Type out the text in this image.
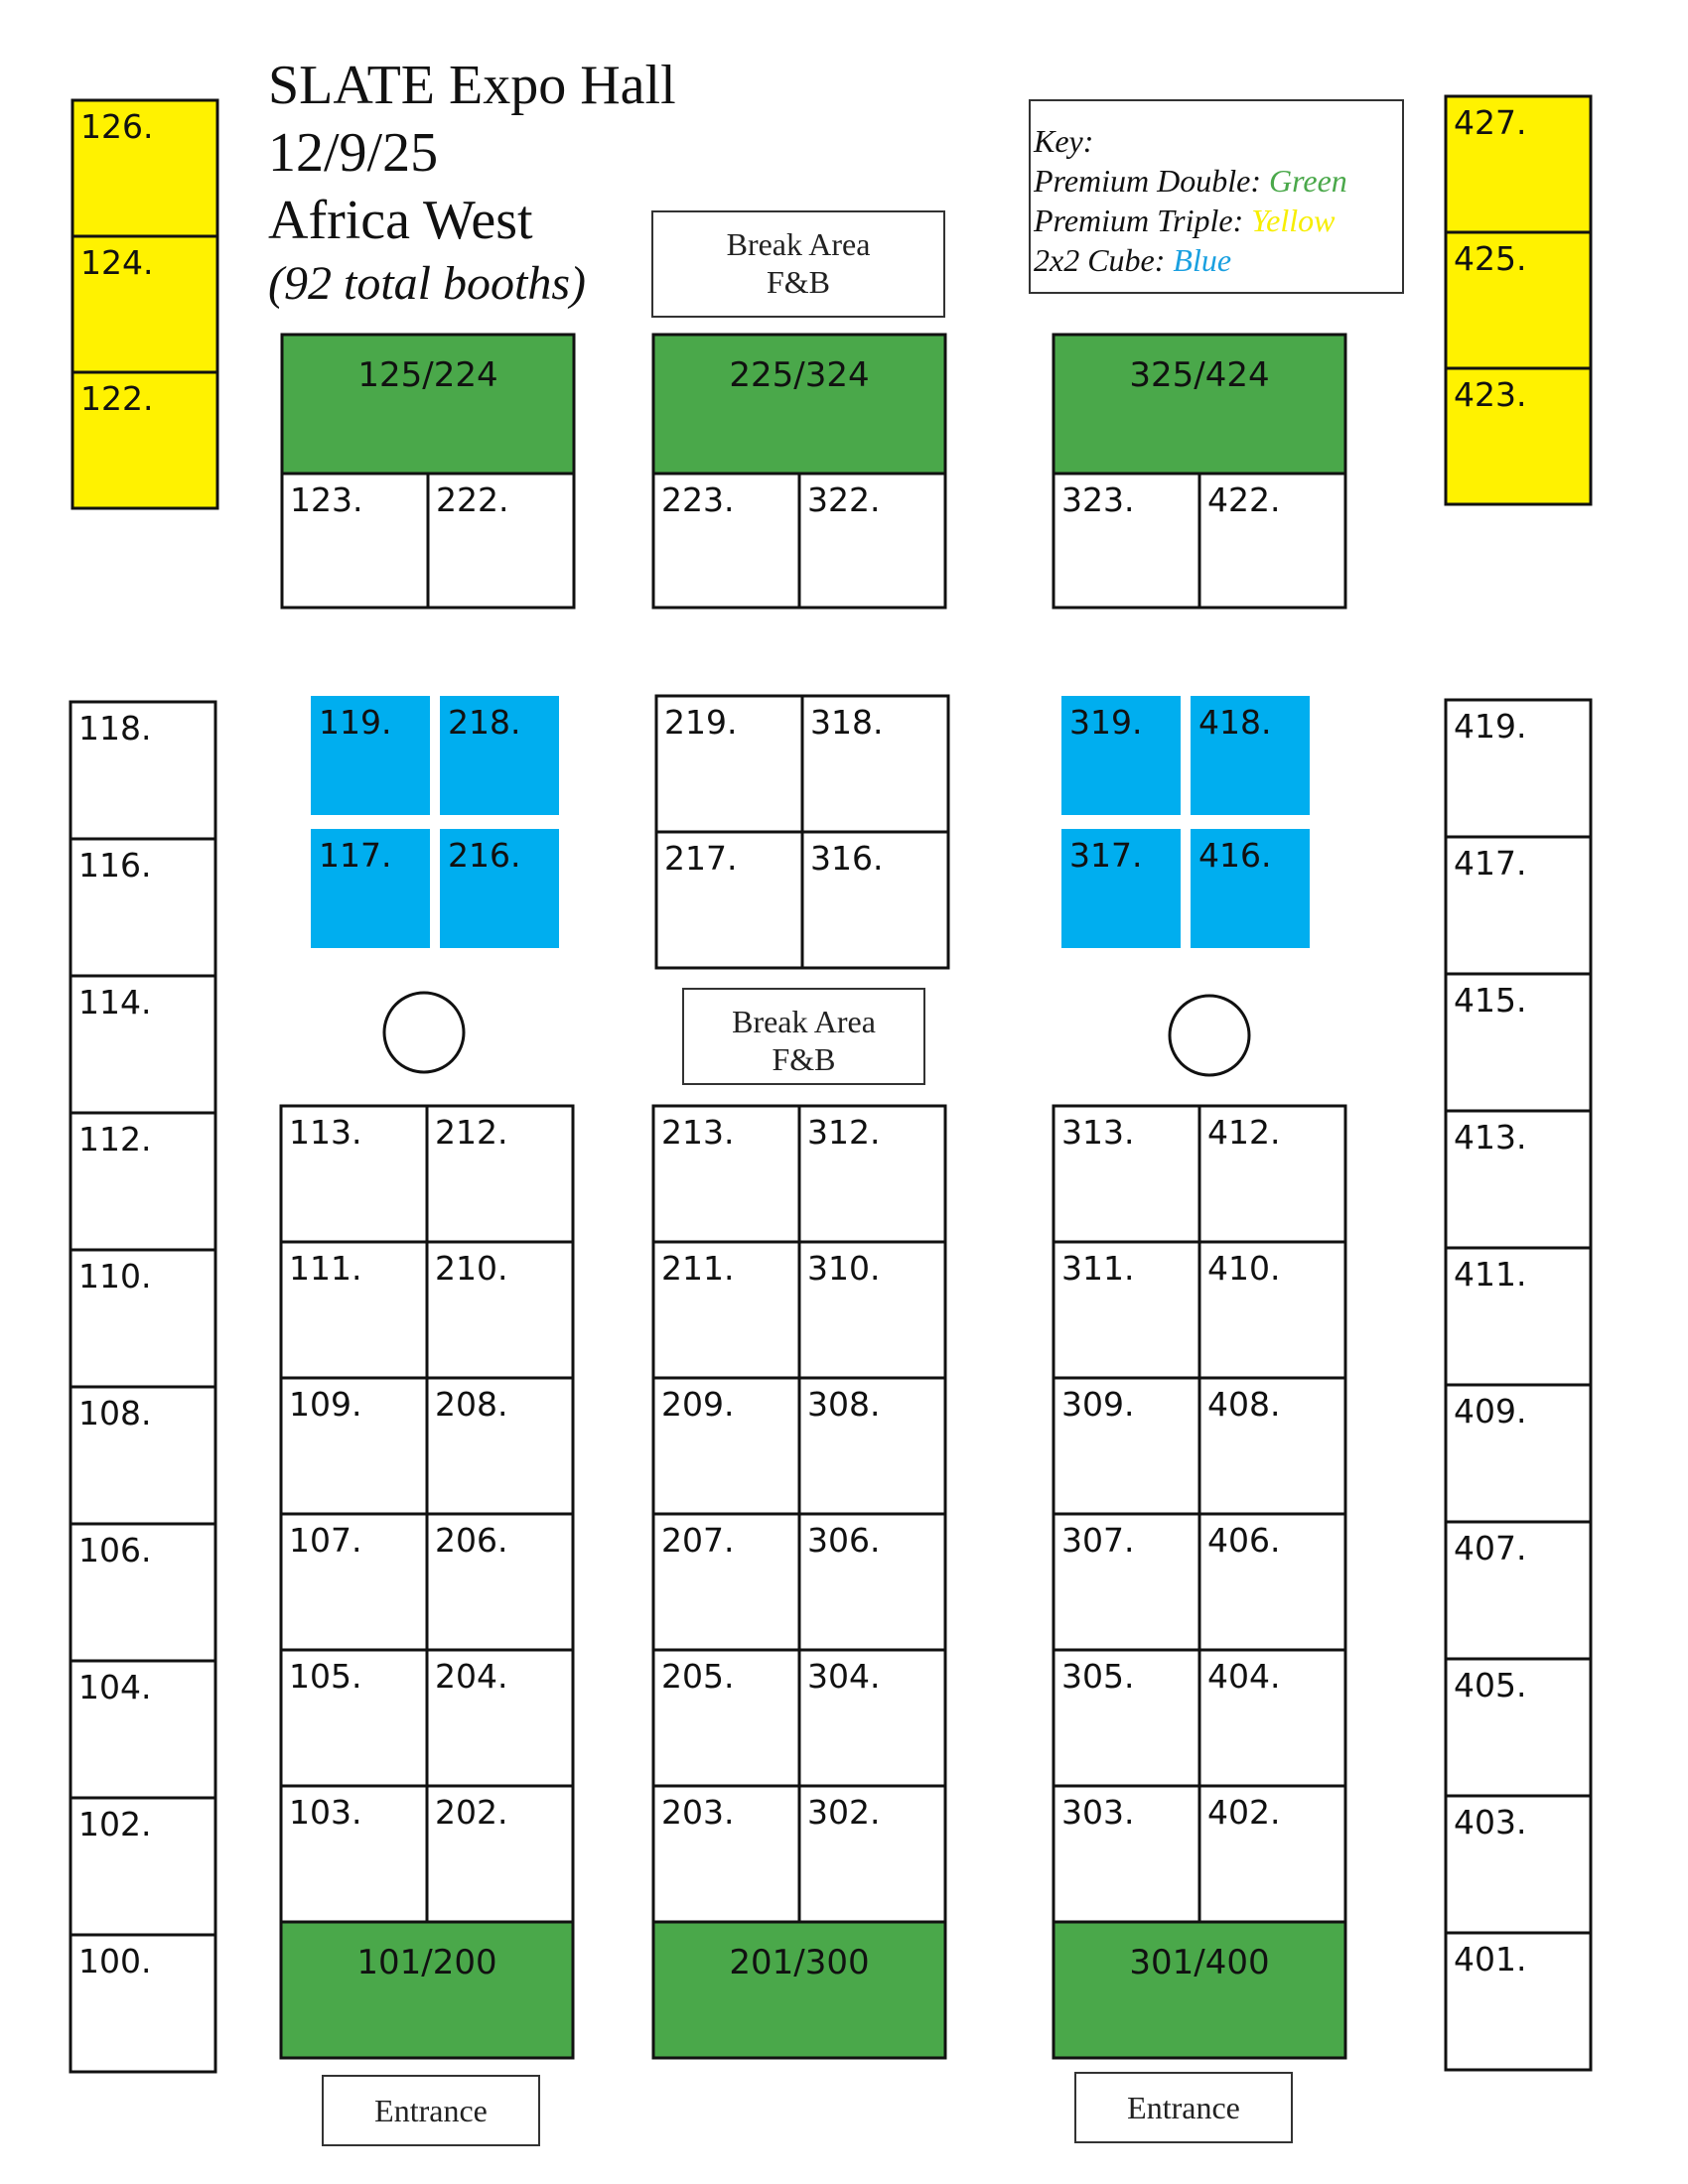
SLATE Expo Hall
12/9/25
Africa West
(92 total booths)
Key:
Premium Double: Green
Premium Triple: Yellow
2x2 Cube: Blue
126.
124.
122.
427.
425.
423.
118.
116.
114.
112.
110.
108.
106.
104.
102.
100.
419.
417.
415.
413.
411.
409.
407.
405.
403.
401.
125/224
123. 222.
225/324
223. 322.
325/424
323. 422.
Break Area
F&B
Break Area
F&B
119. 218.
117. 216.
219. 318.
217. 316.
319. 418.
317. 416.
113. 212.
111. 210.
109. 208.
107. 206.
105. 204.
103. 202.
101/200
213. 312.
211. 310.
209. 308.
207. 306.
205. 304.
203. 302.
201/300
313. 412.
311. 410.
309. 408.
307. 406.
305. 404.
303. 402.
301/400
Entrance	Entrance
